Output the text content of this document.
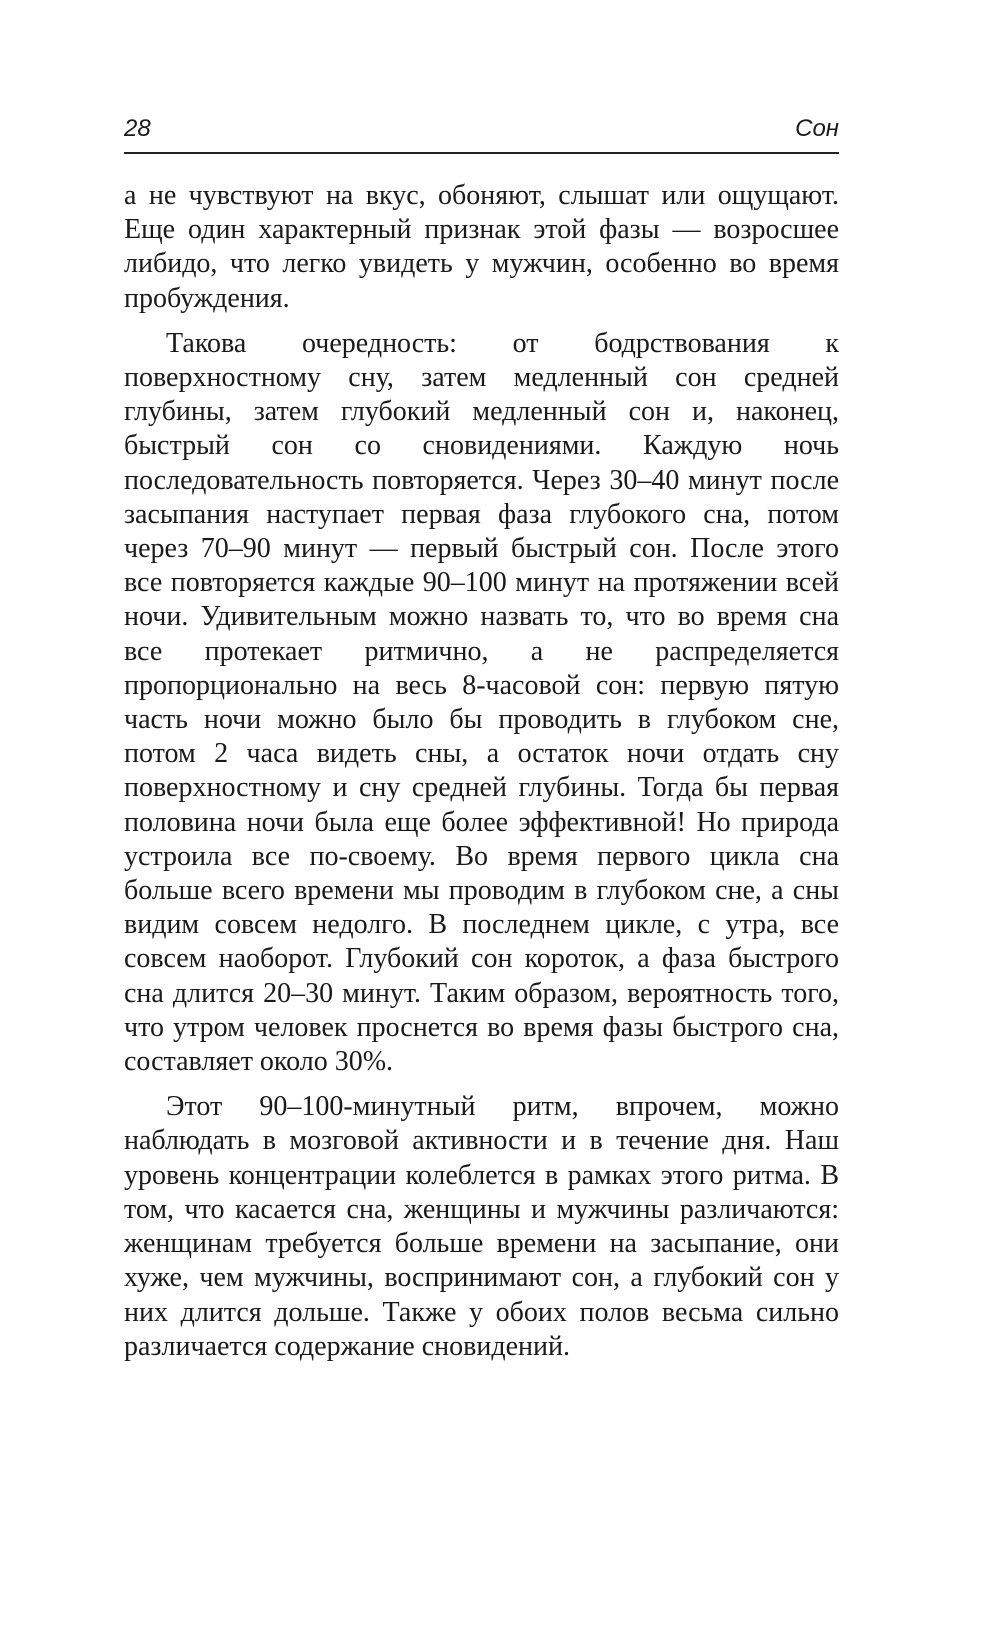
28	Сон

а не чувствуют на вкус, обоняют, слышат или ощущают. Еще один характерный признак этой фазы — возросшее либидо, что легко увидеть у мужчин, особенно во время пробуждения.

Такова очередность: от бодрствования к поверхностному сну, затем медленный сон средней глубины, затем глубокий медленный сон и, наконец, быстрый сон со сновидениями. Каждую ночь последовательность повторяется. Через 30–40 минут после засыпания наступает первая фаза глубокого сна, потом через 70–90 минут — первый быстрый сон. После этого все повторяется каждые 90–100 минут на протяжении всей ночи. Удивительным можно назвать то, что во время сна все протекает ритмично, а не распределяется пропорционально на весь 8-часовой сон: первую пятую часть ночи можно было бы проводить в глубоком сне, потом 2 часа видеть сны, а остаток ночи отдать сну поверхностному и сну средней глубины. Тогда бы первая половина ночи была еще более эффективной! Но природа устроила все по-своему. Во время первого цикла сна больше всего времени мы проводим в глубоком сне, а сны видим совсем недолго. В последнем цикле, с утра, все совсем наоборот. Глубокий сон короток, а фаза быстрого сна длится 20–30 минут. Таким образом, вероятность того, что утром человек проснется во время фазы быстрого сна, составляет около 30%.

Этот 90–100-минутный ритм, впрочем, можно наблюдать в мозговой активности и в течение дня. Наш уровень концентрации колеблется в рамках этого ритма. В том, что касается сна, женщины и мужчины различаются: женщинам требуется больше времени на засыпание, они хуже, чем мужчины, воспринимают сон, а глубокий сон у них длится дольше. Также у обоих полов весьма сильно различается содержание сновидений.
